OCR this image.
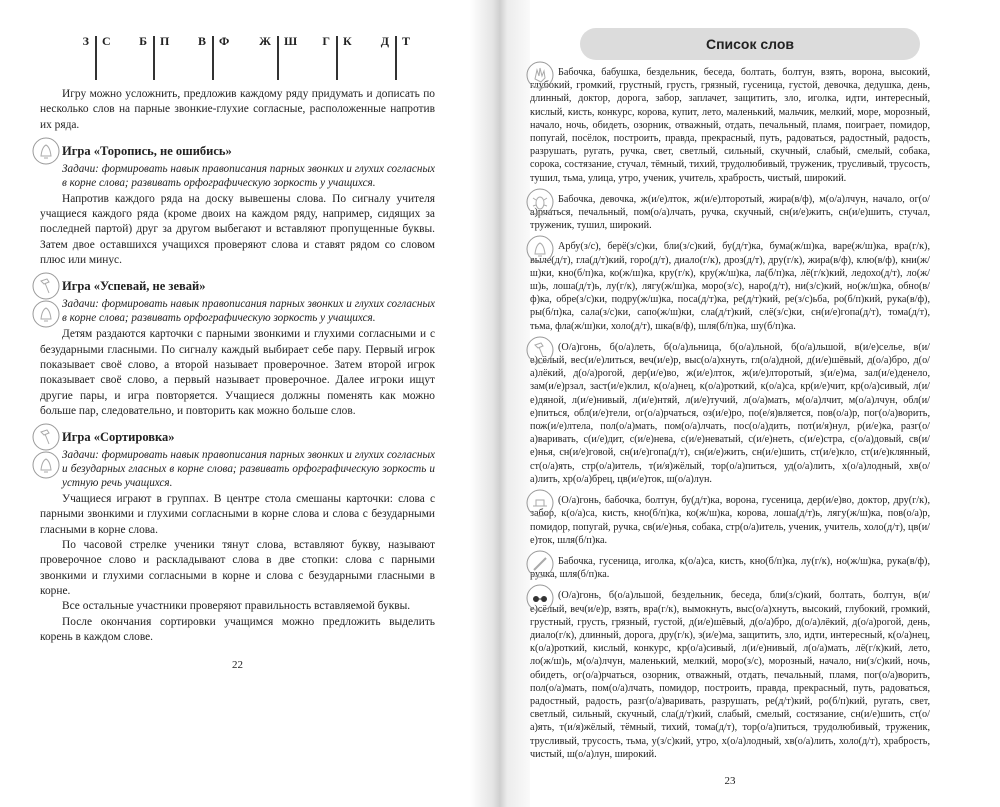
З С	Б П	В Ф	Ж Ш	Г К	Д Т

Игру можно усложнить, предложив каждому ряду придумать и дописать по несколько слов на парные звонкие-глухие согласные, расположенные напротив их ряда.

Игра «Торопись, не ошибись»
Задачи: формировать навык правописания парных звонких и глухих согласных в корне слова; развивать орфографическую зоркость у учащихся.

Напротив каждого ряда на доску вывешены слова. По сигналу учителя учащиеся каждого ряда (кроме двоих на каждом ряду, например, сидящих за последней партой) друг за другом выбегают и вставляют пропущенные буквы. Затем двое оставшихся учащихся проверяют слова и ставят рядом со словом плюс или минус.

Игра «Успевай, не зевай»
Задачи: формировать навык правописания парных звонких и глухих согласных в корне слова; развивать орфографическую зоркость у учащихся.

Детям раздаются карточки с парными звонкими и глухими согласными и с безударными гласными. По сигналу каждый выбирает себе пару. Первый игрок показывает своё слово, а второй называет проверочное. Затем второй игрок показывает своё слово, а первый называет проверочное. Далее игроки ищут другие пары, и игра повторяется. Учащиеся должны поменять как можно больше пар, следовательно, и повторить как можно больше слов.

Игра «Сортировка»
Задачи: формировать навык правописания парных звонких и глухих согласных и безударных гласных в корне слова; развивать орфографическую зоркость и устную речь учащихся.

Учащиеся играют в группах. В центре стола смешаны карточки: слова с парными звонкими и глухими согласными в корне слова и слова с безударными гласными в корне слова.

По часовой стрелке ученики тянут слова, вставляют букву, называют проверочное слово и раскладывают слова в две стопки: слова с парными звонкими и глухими согласными в корне и слова с безударными гласными в корне.

Все остальные участники проверяют правильность вставляемой буквы.

После окончания сортировки учащимся можно предложить выделить корень в каждом слове.

22
Список слов
Бабочка, бабушка, бездельник, беседа, болтать, болтун, взять, ворона, высокий, глубокий, громкий, грустный, грусть, грязный, гусеница, густой, девочка, дедушка, день, длинный, доктор, дорога, забор, заплачет, защитить, зло, иголка, идти, интересный, кислый, кисть, конкурс, корова, купит, лето, маленький, мальчик, мелкий, море, морозный, начало, ночь, обидеть, озорник, отважный, отдать, печальный, пламя, поиграет, помидор, попугай, посёлок, построить, правда, прекрасный, путь, радоваться, радостный, радость, разрушать, ругать, ручка, свет, светлый, сильный, скучный, слабый, смелый, собака, сорока, состязание, стучал, тёмный, тихий, трудолюбивый, труженик, трусливый, трусость, тушил, тьма, улица, утро, ученик, учитель, храбрость, чистый, широкий.
Бабочка, девочка, ж(и/е)лток, ж(и/е)лторотый, жира(в/ф), м(о/а)лчун, начало, ог(о/а)рчаться, печальный, пом(о/а)лчать, ручка, скучный, сн(и/е)жить, сн(и/е)шить, стучал, труженик, тушил, широкий.
Арбу(з/с), берё(з/с)ки, бли(з/с)кий, бу(д/т)ка, бума(ж/ш)ка, варе(ж/ш)ка, вра(г/к), выле(д/т), гла(д/т)кий, горо(д/т), диало(г/к), дроз(д/т), дру(г/к), жира(в/ф), клю(в/ф), кни(ж/ш)ки, кно(б/п)ка, ко(ж/ш)ка, кру(г/к), кру(ж/ш)ка, ла(б/п)ка, лё(г/к)кий, ледохо(д/т), ло(ж/ш)ь, лоша(д/т)ь, лу(г/к), лягу(ж/ш)ка, моро(з/с), наро(д/т), ни(з/с)кий, но(ж/ш)ка, обно(в/ф)ка, обре(з/с)ки, подру(ж/ш)ка, поса(д/т)ка, ре(д/т)кий, ре(з/с)ьба, ро(б/п)кий, рука(в/ф), ры(б/п)ка, сала(з/с)ки, сапо(ж/ш)ки, сла(д/т)кий, слё(з/с)ки, сн(и/е)гопа(д/т), тома(д/т), тьма, фла(ж/ш)ки, холо(д/т), шка(в/ф), шля(б/п)ка, шу(б/п)ка.
(О/а)гонь, б(о/а)леть, б(о/а)льница, б(о/а)льной, б(о/а)льшой, в(и/е)селье, в(и/е)сёлый, вес(и/е)литься, веч(и/е)р, выс(о/а)хнуть, гл(о/а)дной, д(и/е)шёвый, д(о/а)бро, д(о/а)лёкий, д(о/а)рогой, дер(и/е)во, ж(и/е)лток, ж(и/е)лторотый, з(и/е)ма, зал(и/е)денело, зам(и/е)рзал, заст(и/е)клил, к(о/а)нец, к(о/а)роткий, к(о/а)са, кр(и/е)чит, кр(о/а)сивый, л(и/е)дяной, л(и/е)нивый, л(и/е)нтяй, л(и/е)тучий, л(о/а)мать, м(о/а)лчит, м(о/а)лчун, обл(и/е)питься, обл(и/е)тели, ог(о/а)рчаться, оз(и/е)ро, по(е/я)вляется, пов(о/а)р, пог(о/а)ворить, пож(и/е)лтела, пол(о/а)мать, пом(о/а)лчать, пос(о/а)дить, пот(и/я)нул, р(и/е)ка, разг(о/а)варивать, с(и/е)дит, с(и/е)нева, с(и/е)неватый, с(и/е)неть, с(и/е)стра, с(о/а)довый, св(и/е)нья, сн(и/е)говой, сн(и/е)гопа(д/т), сн(и/е)жить, сн(и/е)шить, ст(и/е)кло, ст(и/е)клянный, ст(о/а)ять, стр(о/а)итель, т(и/я)жёлый, тор(о/а)питься, уд(о/а)лить, х(о/а)лодный, хв(о/а)лить, хр(о/а)брец, цв(и/е)ток, ш(о/а)лун.
(О/а)гонь, бабочка, болтун, бу(д/т)ка, ворона, гусеница, дер(и/е)во, доктор, дру(г/к), забор, к(о/а)са, кисть, кно(б/п)ка, ко(ж/ш)ка, корова, лоша(д/т)ь, лягу(ж/ш)ка, пов(о/а)р, помидор, попугай, ручка, св(и/е)нья, собака, стр(о/а)итель, ученик, учитель, холо(д/т), цв(и/е)ток, шля(б/п)ка.
Бабочка, гусеница, иголка, к(о/а)са, кисть, кно(б/п)ка, лу(г/к), но(ж/ш)ка, рука(в/ф), ручка, шля(б/п)ка.
(О/а)гонь, б(о/а)льшой, бездельник, беседа, бли(з/с)кий, болтать, болтун, в(и/е)сёлый, веч(и/е)р, взять, вра(г/к), вымокнуть, выс(о/а)хнуть, высокий, глубокий, громкий, грустный, грусть, грязный, густой, д(и/е)шёвый, д(о/а)бро, д(о/а)лёкий, д(о/а)рогой, день, диало(г/к), длинный, дорога, дру(г/к), з(и/е)ма, защитить, зло, идти, интересный, к(о/а)нец, к(о/а)роткий, кислый, конкурс, кр(о/а)сивый, л(и/е)нивый, л(о/а)мать, лё(г/к)кий, лето, ло(ж/ш)ь, м(о/а)лчун, маленький, мелкий, моро(з/с), морозный, начало, ни(з/с)кий, ночь, обидеть, ог(о/а)рчаться, озорник, отважный, отдать, печальный, пламя, пог(о/а)ворить, пол(о/а)мать, пом(о/а)лчать, помидор, построить, правда, прекрасный, путь, радоваться, радостный, радость, разг(о/а)варивать, разрушать, ре(д/т)кий, ро(б/п)кий, ругать, свет, светлый, сильный, скучный, сла(д/т)кий, слабый, смелый, состязание, сн(и/е)шить, ст(о/а)ять, т(и/я)жёлый, тёмный, тихий, тома(д/т), тор(о/а)питься, трудолюбивый, труженик, трусливый, трусость, тьма, у(з/с)кий, утро, х(о/а)лодный, хв(о/а)лить, холо(д/т), храбрость, чистый, ш(о/а)лун, широкий.
23
